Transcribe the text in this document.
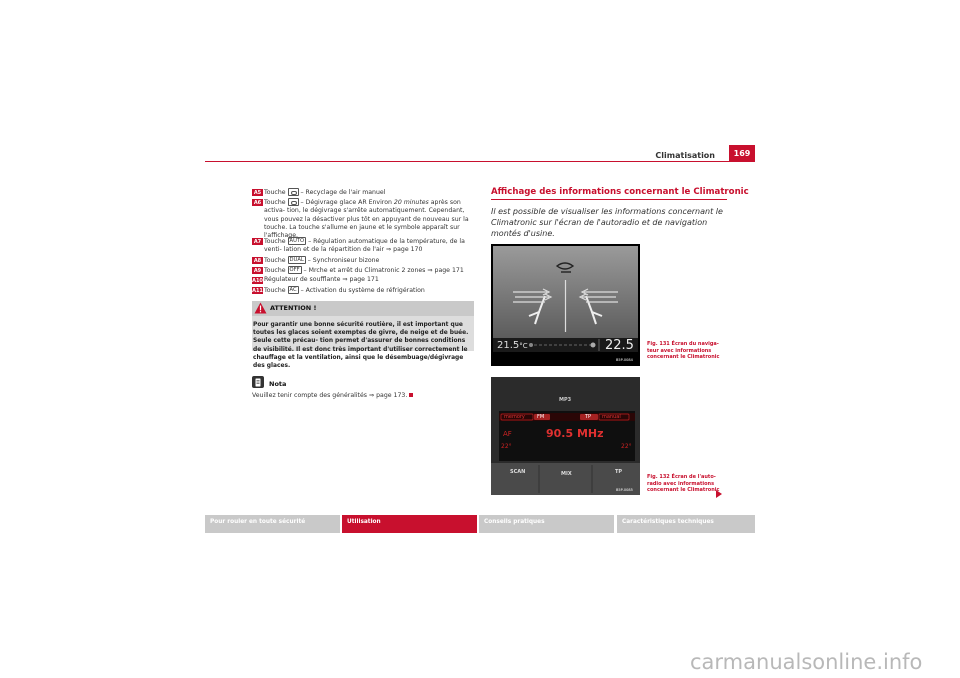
Climatisation	169
A5 Touche  – Recyclage de l'air manuel
A6 Touche  – Dégivrage glace AR Environ 20 minutes après son activa- tion, le dégivrage s'arrête automatiquement. Cependant, vous pouvez la désactiver plus tôt en appuyant de nouveau sur la touche. La touche s'allume en jaune et le symbole apparaît sur l'affichage.
A7 Touche AUTO – Régulation automatique de la température, de la venti- lation et de la répartition de l'air ⇒ page 170
A8 Touche DUAL – Synchroniseur bizone
A9 Touche OFF – Mrche et arrêt du Climatronic 2 zones ⇒ page 171
A10 Régulateur de soufflante ⇒ page 171
A11 Touche AC – Activation du système de réfrigération
ATTENTION !
Pour garantir une bonne sécurité routière, il est important que toutes les glaces soient exemptes de givre, de neige et de buée. Seule cette précau- tion permet d'assurer de bonnes conditions de visibilité. Il est donc très important d'utiliser correctement le chauffage et la ventilation, ainsi que le désembuage/dégivrage des glaces.
Nota
Veuillez tenir compte des généralités ⇒ page 173.
Affichage des informations concernant le Climatronic
Il est possible de visualiser les informations concernant le Climatronic sur l'écran de l'autoradio et de navigation montés d'usine.
21.5°C	22.5
B5P-0084
Fig. 131 Écran du naviga- teur avec informations concernant le Climatronic
MP3
memory FM	TP manual
AF	90.5 MHz
22°	22°
SCAN	MIX	TP
B5P-0085
Fig. 132 Écran de l'auto- radio avec informations concernant le Climatronic
Pour rouler en toute sécurité	Utilisation	Conseils pratiques	Caractéristiques techniques
carmanualsonline.info
